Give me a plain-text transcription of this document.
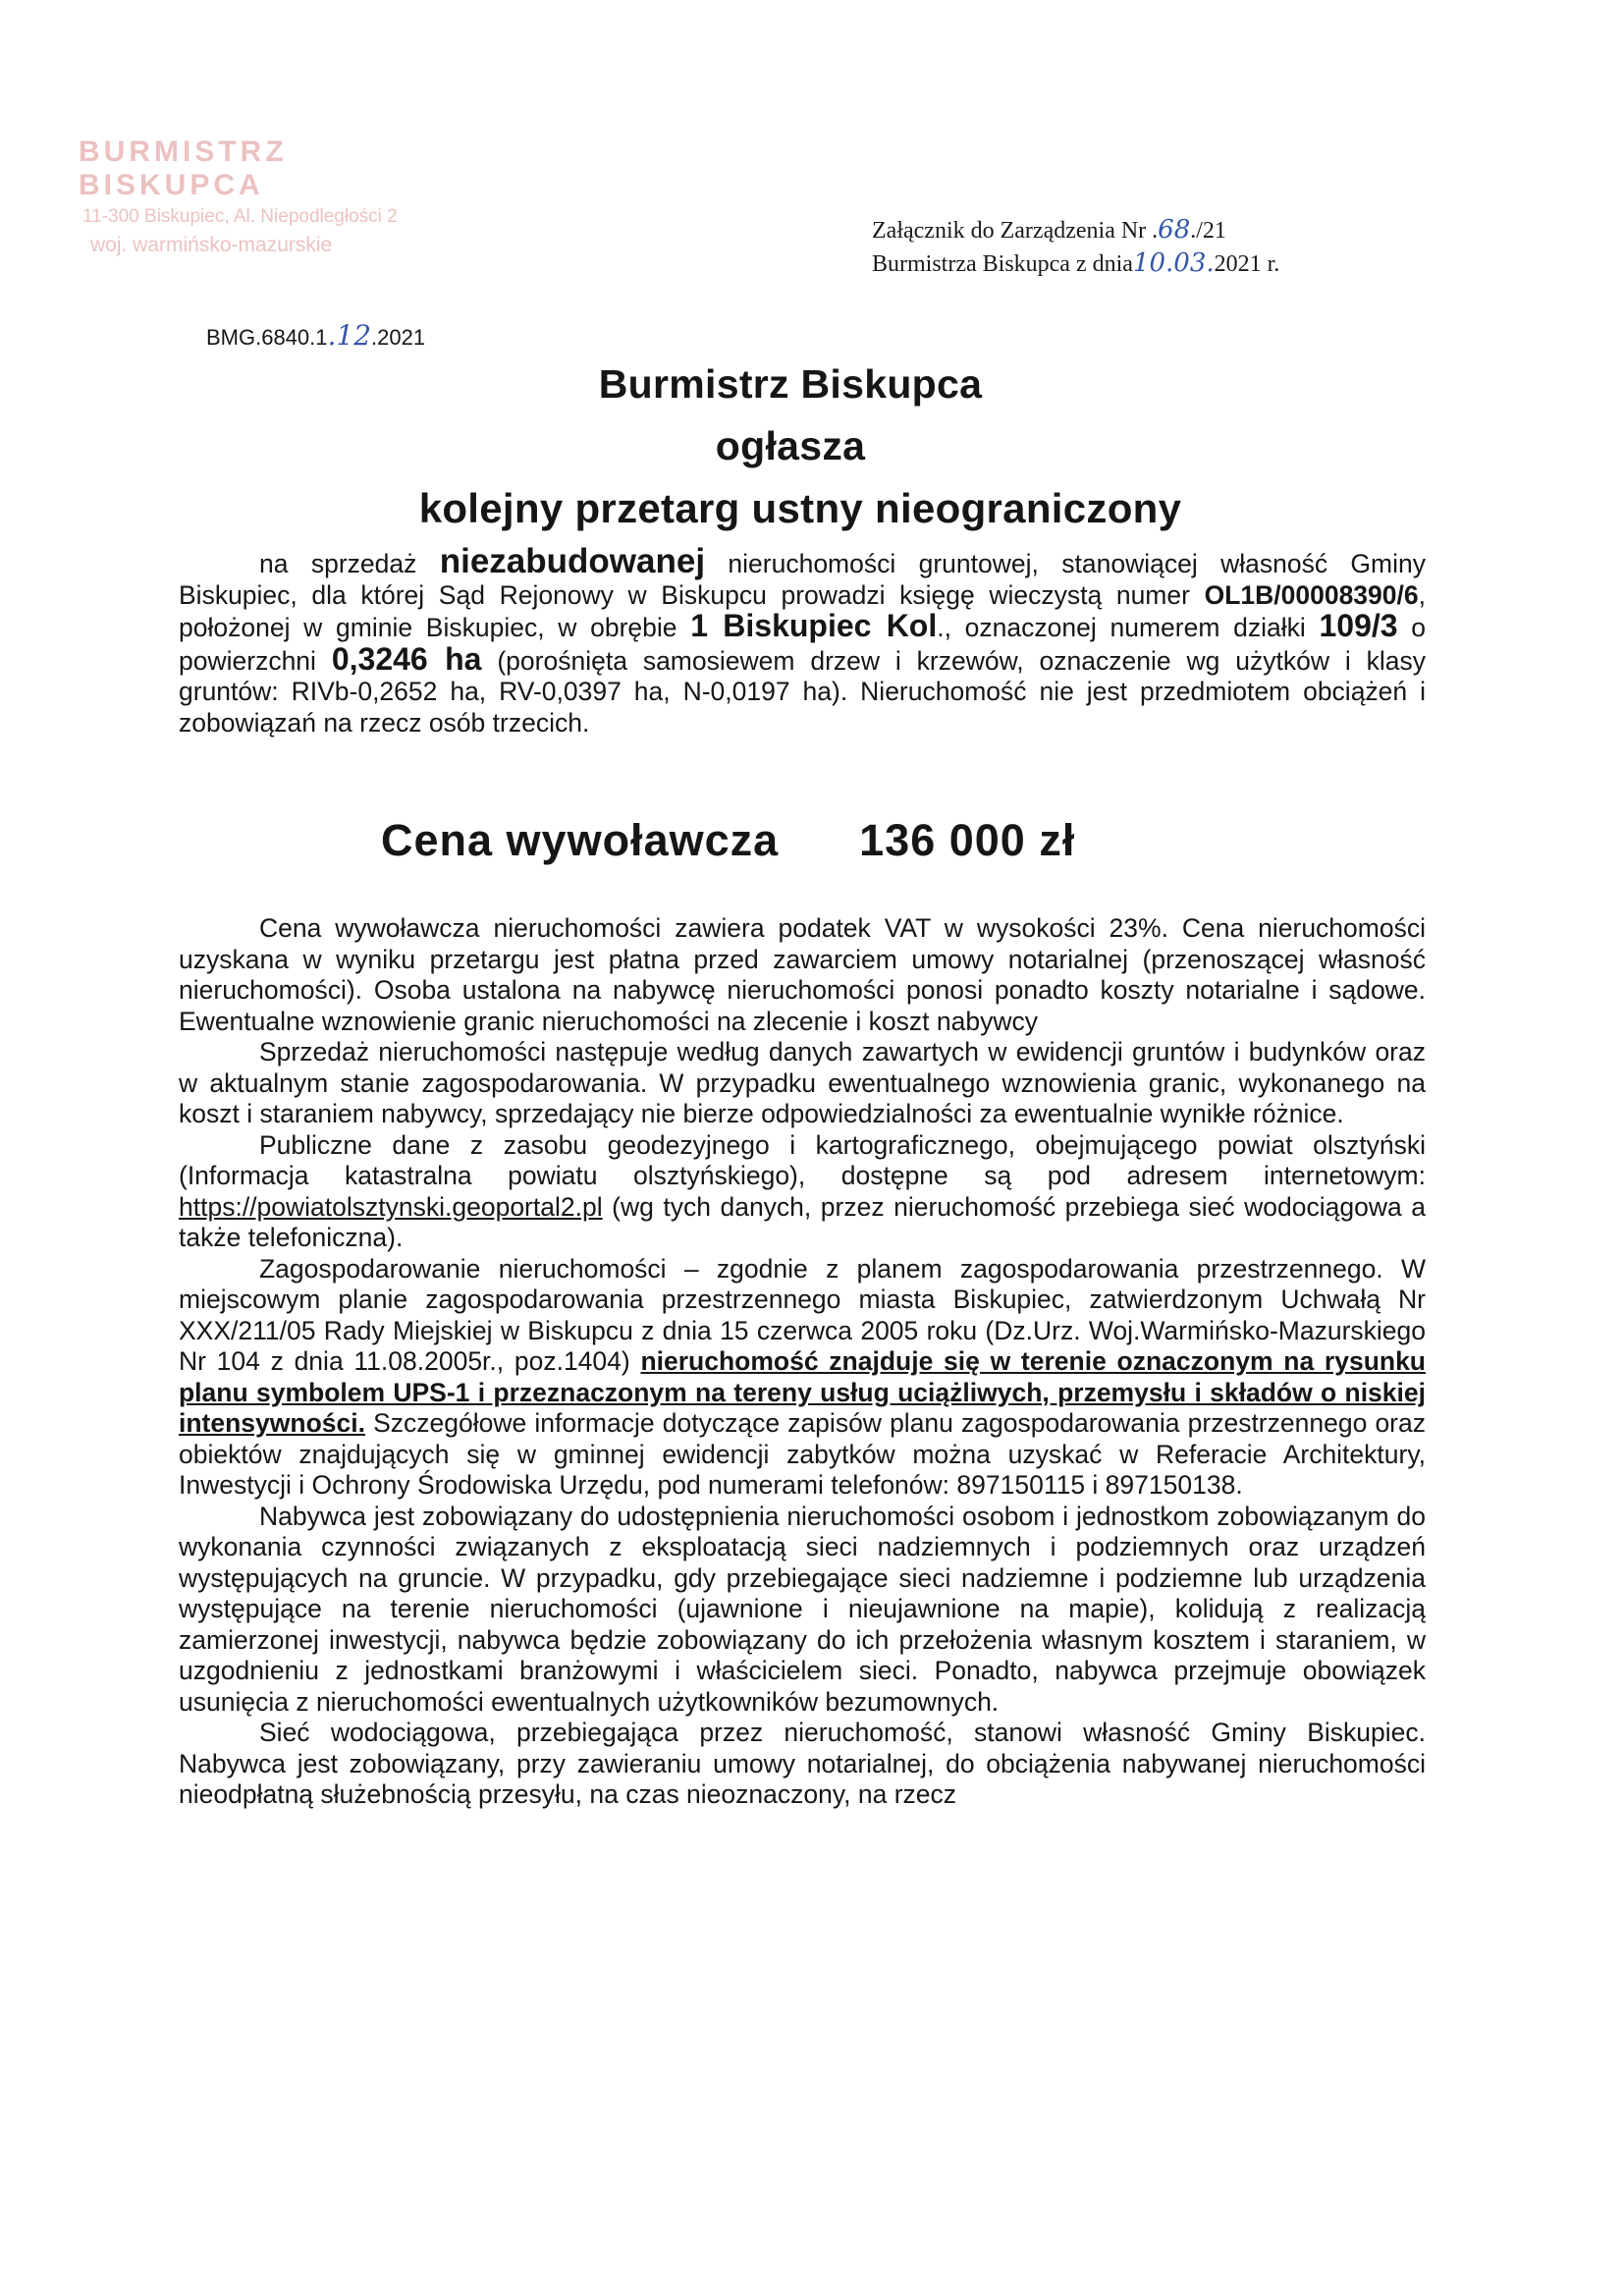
BURMISTRZ BISKUPCA
11-300 Biskupiec, Al. Niepodległości 2
woj. warmińsko-mazurskie
Załącznik do Zarządzenia Nr .68./21
Burmistrza Biskupca z dnia10.03.2021 r.
BMG.6840.1.12.2021
Burmistrz Biskupca
ogłasza
kolejny przetarg ustny nieograniczony

na sprzedaż niezabudowanej nieruchomości gruntowej, stanowiącej własność Gminy Biskupiec, dla której Sąd Rejonowy w Biskupcu prowadzi księgę wieczystą numer OL1B/00008390/6, położonej w gminie Biskupiec, w obrębie 1 Biskupiec Kol., oznaczonej numerem działki 109/3 o powierzchni 0,3246 ha (porośnięta samosiewem drzew i krzewów, oznaczenie wg użytków i klasy gruntów: RIVb-0,2652 ha, RV-0,0397 ha, N-0,0197 ha). Nieruchomość nie jest przedmiotem obciążeń i zobowiązań na rzecz osób trzecich.

Cena wywoławcza 136 000 zł

Cena wywoławcza nieruchomości zawiera podatek VAT w wysokości 23%. Cena nieruchomości uzyskana w wyniku przetargu jest płatna przed zawarciem umowy notarialnej (przenoszącej własność nieruchomości). Osoba ustalona na nabywcę nieruchomości ponosi ponadto koszty notarialne i sądowe. Ewentualne wznowienie granic nieruchomości na zlecenie i koszt nabywcy

Sprzedaż nieruchomości następuje według danych zawartych w ewidencji gruntów i budynków oraz w aktualnym stanie zagospodarowania. W przypadku ewentualnego wznowienia granic, wykonanego na koszt i staraniem nabywcy, sprzedający nie bierze odpowiedzialności za ewentualnie wynikłe różnice.

Publiczne dane z zasobu geodezyjnego i kartograficznego, obejmującego powiat olsztyński (Informacja katastralna powiatu olsztyńskiego), dostępne są pod adresem internetowym: https://powiatolsztynski.geoportal2.pl (wg tych danych, przez nieruchomość przebiega sieć wodociągowa a także telefoniczna).

Zagospodarowanie nieruchomości – zgodnie z planem zagospodarowania przestrzennego. W miejscowym planie zagospodarowania przestrzennego miasta Biskupiec, zatwierdzonym Uchwałą Nr XXX/211/05 Rady Miejskiej w Biskupcu z dnia 15 czerwca 2005 roku (Dz.Urz. Woj.Warmińsko-Mazurskiego Nr 104 z dnia 11.08.2005r., poz.1404) nieruchomość znajduje się w terenie oznaczonym na rysunku planu symbolem UPS-1 i przeznaczonym na tereny usług uciążliwych, przemysłu i składów o niskiej intensywności. Szczegółowe informacje dotyczące zapisów planu zagospodarowania przestrzennego oraz obiektów znajdujących się w gminnej ewidencji zabytków można uzyskać w Referacie Architektury, Inwestycji i Ochrony Środowiska Urzędu, pod numerami telefonów: 897150115 i 897150138.

Nabywca jest zobowiązany do udostępnienia nieruchomości osobom i jednostkom zobowiązanym do wykonania czynności związanych z eksploatacją sieci nadziemnych i podziemnych oraz urządzeń występujących na gruncie. W przypadku, gdy przebiegające sieci nadziemne i podziemne lub urządzenia występujące na terenie nieruchomości (ujawnione i nieujawnione na mapie), kolidują z realizacją zamierzonej inwestycji, nabywca będzie zobowiązany do ich przełożenia własnym kosztem i staraniem, w uzgodnieniu z jednostkami branżowymi i właścicielem sieci. Ponadto, nabywca przejmuje obowiązek usunięcia z nieruchomości ewentualnych użytkowników bezumownych.

Sieć wodociągowa, przebiegająca przez nieruchomość, stanowi własność Gminy Biskupiec. Nabywca jest zobowiązany, przy zawieraniu umowy notarialnej, do obciążenia nabywanej nieruchomości nieodpłatną służebnością przesyłu, na czas nieoznaczony, na rzecz
